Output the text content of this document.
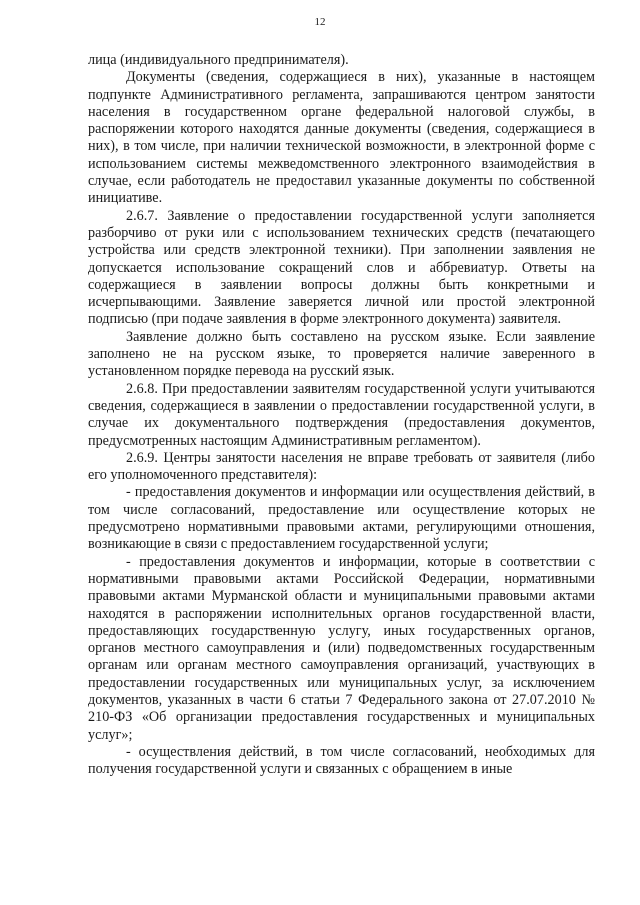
12

лица (индивидуального предпринимателя).

Документы (сведения, содержащиеся в них), указанные в настоящем подпункте Административного регламента, запрашиваются центром занятости населения в государственном органе федеральной налоговой службы, в распоряжении которого находятся данные документы (сведения, содержащиеся в них), в том числе, при наличии технической возможности, в электронной форме с использованием системы межведомственного электронного взаимодействия в случае, если работодатель не предоставил указанные документы по собственной инициативе.

2.6.7. Заявление о предоставлении государственной услуги заполняется разборчиво от руки или с использованием технических средств (печатающего устройства или средств электронной техники). При заполнении заявления не допускается использование сокращений слов и аббревиатур. Ответы на содержащиеся в заявлении вопросы должны быть конкретными и исчерпывающими. Заявление заверяется личной или простой электронной подписью (при подаче заявления в форме электронного документа) заявителя.

Заявление должно быть составлено на русском языке. Если заявление заполнено не на русском языке, то проверяется наличие заверенного в установленном порядке перевода на русский язык.

2.6.8. При предоставлении заявителям государственной услуги учитываются сведения, содержащиеся в заявлении о предоставлении государственной услуги, в случае их документального подтверждения (предоставления документов, предусмотренных настоящим Административным регламентом).

2.6.9. Центры занятости населения не вправе требовать от заявителя (либо его уполномоченного представителя):

- предоставления документов и информации или осуществления действий, в том числе согласований, предоставление или осуществление которых не предусмотрено нормативными правовыми актами, регулирующими отношения, возникающие в связи с предоставлением государственной услуги;

- предоставления документов и информации, которые в соответствии с нормативными правовыми актами Российской Федерации, нормативными правовыми актами Мурманской области и муниципальными правовыми актами находятся в распоряжении исполнительных органов государственной власти, предоставляющих государственную услугу, иных государственных органов, органов местного самоуправления и (или) подведомственных государственным органам или органам местного самоуправления организаций, участвующих в предоставлении государственных или муниципальных услуг, за исключением документов, указанных в части 6 статьи 7 Федерального закона от 27.07.2010 № 210-ФЗ «Об организации предоставления государственных и муниципальных услуг»;

- осуществления действий, в том числе согласований, необходимых для получения государственной услуги и связанных с обращением в иные
